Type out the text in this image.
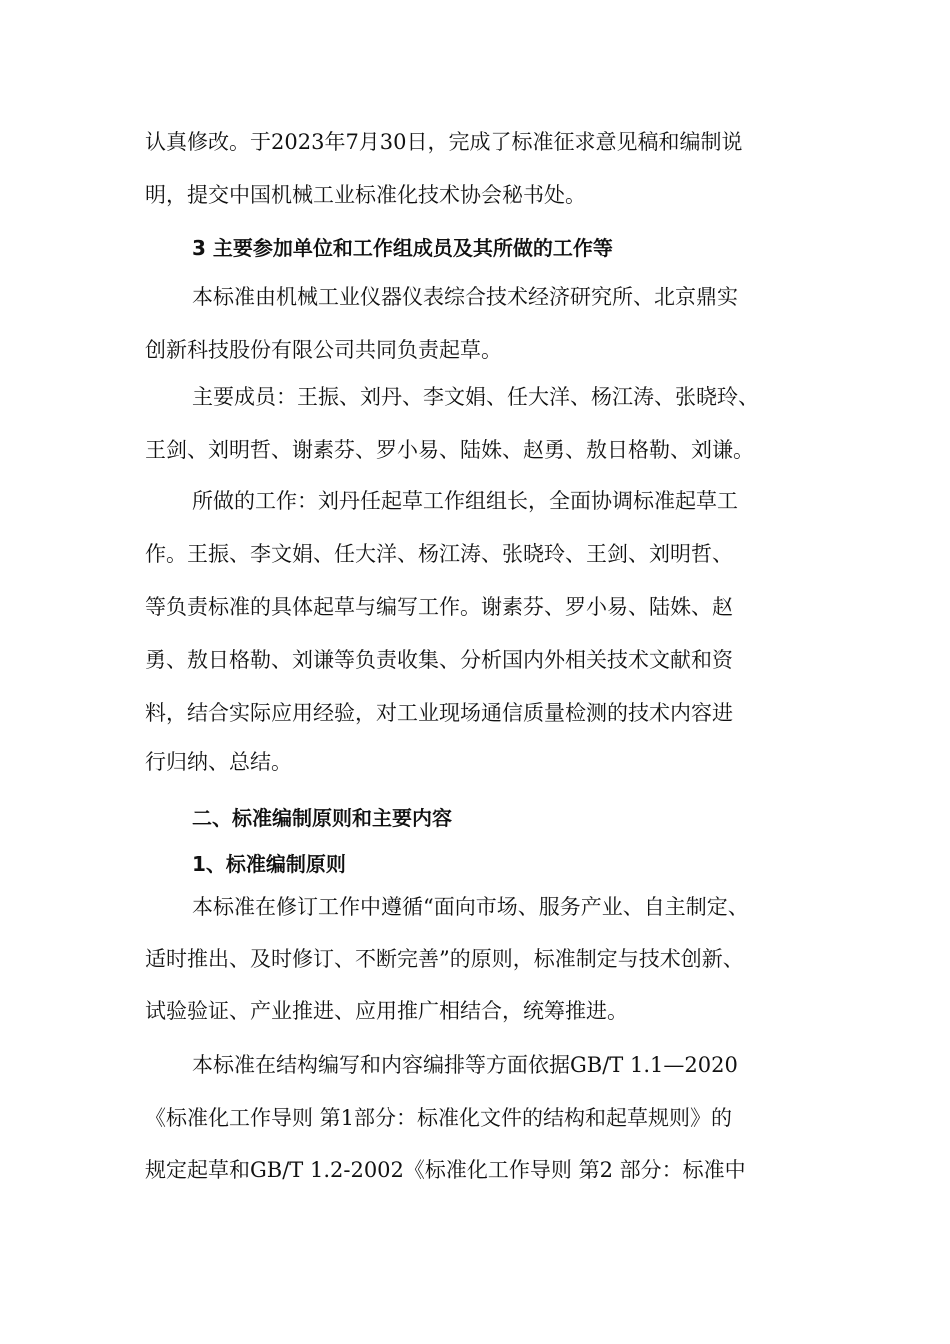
认真修改。于2023年7月30日，完成了标准征求意见稿和编制说
明，提交中国机械工业标准化技术协会秘书处。
3 主要参加单位和工作组成员及其所做的工作等
本标准由机械工业仪器仪表综合技术经济研究所、北京鼎实
创新科技股份有限公司共同负责起草。
主要成员：王振、刘丹、李文娟、任大洋、杨江涛、张晓玲、
王剑、刘明哲、谢素芬、罗小易、陆姝、赵勇、敖日格勒、刘谦。
所做的工作：刘丹任起草工作组组长，全面协调标准起草工
作。王振、李文娟、任大洋、杨江涛、张晓玲、王剑、刘明哲、
等负责标准的具体起草与编写工作。谢素芬、罗小易、陆姝、赵
勇、敖日格勒、刘谦等负责收集、分析国内外相关技术文献和资
料，结合实际应用经验，对工业现场通信质量检测的技术内容进
行归纳、总结。
二、标准编制原则和主要内容
1、标准编制原则
本标准在修订工作中遵循“面向市场、服务产业、自主制定、
适时推出、及时修订、不断完善”的原则，标准制定与技术创新、
试验验证、产业推进、应用推广相结合，统筹推进。
本标准在结构编写和内容编排等方面依据GB/T 1.1—2020
《标准化工作导则 第1部分：标准化文件的结构和起草规则》的
规定起草和GB/T 1.2-2002《标准化工作导则 第2 部分：标准中
